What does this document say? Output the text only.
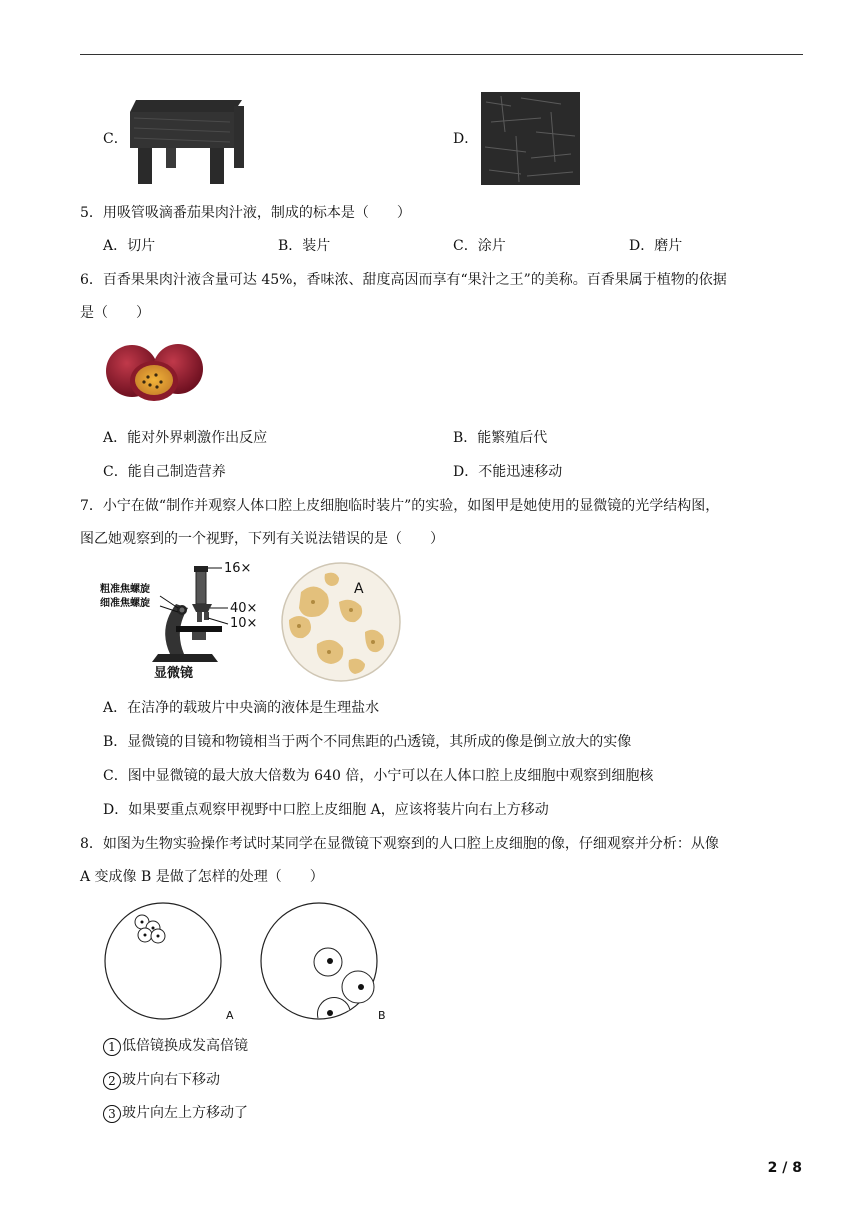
C．	D．
5．用吸管吸滴番茄果肉汁液，制成的标本是（　　）
A．切片	B．装片	C．涂片	D．磨片
6．百香果果肉汁液含量可达 45%，香味浓、甜度高因而享有“果汁之王”的美称。百香果属于植物的依据
是（　　）
A．能对外界刺激作出反应	B．能繁殖后代
C．能自己制造营养	D．不能迅速移动
7．小宁在做“制作并观察人体口腔上皮细胞临时装片”的实验，如图甲是她使用的显微镜的光学结构图，
图乙她观察到的一个视野，下列有关说法错误的是（　　）
粗准焦螺旋
细准焦螺旋
16×
40×
10×
显微镜
A
A．在洁净的载玻片中央滴的液体是生理盐水
B．显微镜的目镜和物镜相当于两个不同焦距的凸透镜，其所成的像是倒立放大的实像
C．图中显微镜的最大放大倍数为 640 倍，小宁可以在人体口腔上皮细胞中观察到细胞核
D．如果要重点观察甲视野中口腔上皮细胞 A，应该将装片向右上方移动
8．如图为生物实验操作考试时某同学在显微镜下观察到的人口腔上皮细胞的像，仔细观察并分析：从像
A 变成像 B 是做了怎样的处理（　　）
A	B
1 低倍镜换成发高倍镜
2 玻片向右下移动
3 玻片向左上方移动了
2 / 8
